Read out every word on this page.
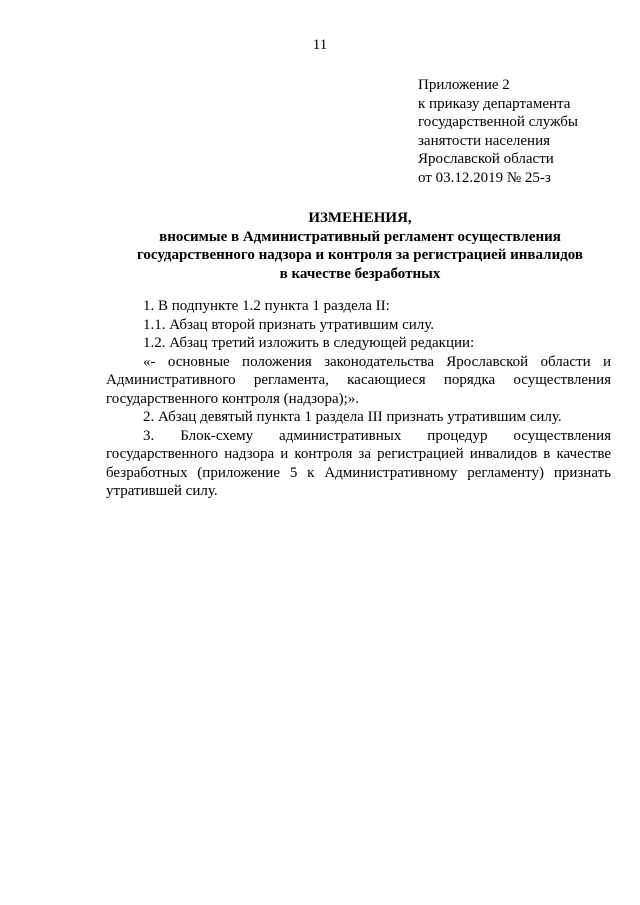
11
Приложение 2
к приказу департамента
государственной службы
занятости населения
Ярославской области
от 03.12.2019 № 25-з
ИЗМЕНЕНИЯ,
вносимые в Административный регламент осуществления
государственного надзора и контроля за регистрацией инвалидов
в качестве безработных

1. В подпункте 1.2 пункта 1 раздела II:

1.1. Абзац второй признать утратившим силу.

1.2. Абзац третий изложить в следующей редакции:

«- основные положения законодательства Ярославской области и Административного регламента, касающиеся порядка осуществления государственного контроля (надзора);».

2. Абзац девятый пункта 1 раздела III признать утратившим силу.

3. Блок-схему административных процедур осуществления государственного надзора и контроля за регистрацией инвалидов в качестве безработных (приложение 5 к Административному регламенту) признать утратившей силу.
